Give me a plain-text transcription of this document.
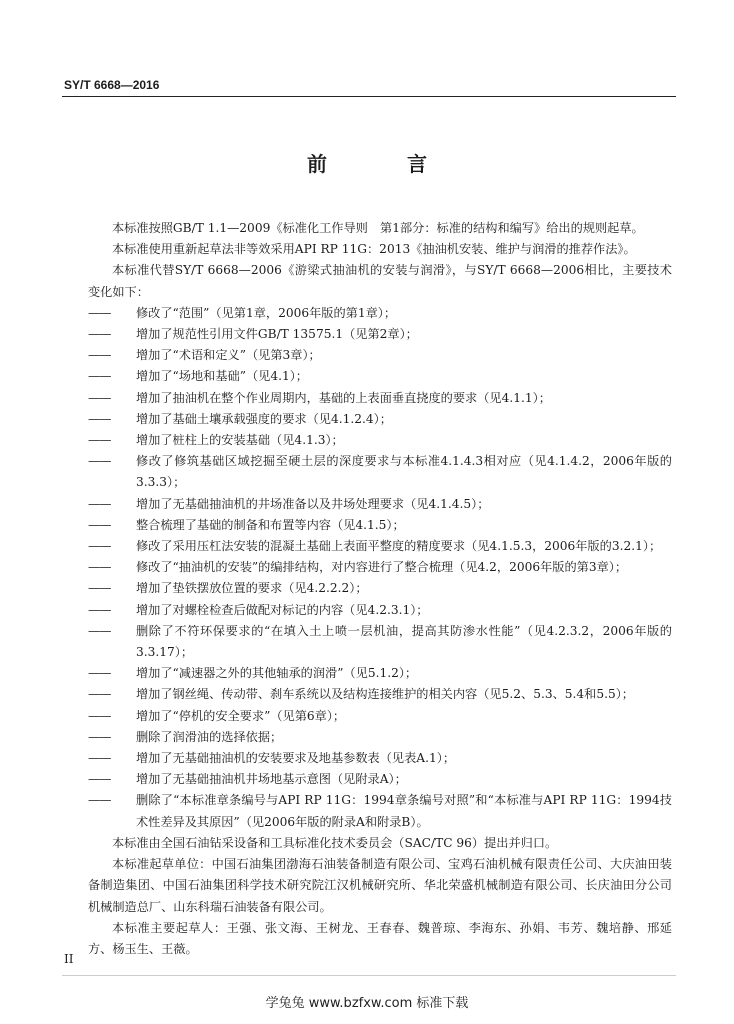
SY/T 6668—2016
前　言

本标准按照GB/T 1.1—2009《标准化工作导则　第1部分：标准的结构和编写》给出的规则起草。

本标准使用重新起草法非等效采用API RP 11G：2013《抽油机安装、维护与润滑的推荐作法》。

本标准代替SY/T 6668—2006《游梁式抽油机的安装与润滑》，与SY/T 6668—2006相比，主要技术变化如下：

——	修改了“范围”（见第1章，2006年版的第1章）；
——	增加了规范性引用文件GB/T 13575.1（见第2章）；
——	增加了“术语和定义”（见第3章）；
——	增加了“场地和基础”（见4.1）；
——	增加了抽油机在整个作业周期内，基础的上表面垂直挠度的要求（见4.1.1）；
——	增加了基础土壤承载强度的要求（见4.1.2.4）；
——	增加了桩柱上的安装基础（见4.1.3）；
——	修改了修筑基础区域挖掘至硬土层的深度要求与本标准4.1.4.3相对应（见4.1.4.2，2006年版的3.3.3）；
——	增加了无基础抽油机的井场准备以及井场处理要求（见4.1.4.5）；
——	整合梳理了基础的制备和布置等内容（见4.1.5）；
——	修改了采用压杠法安装的混凝土基础上表面平整度的精度要求（见4.1.5.3，2006年版的3.2.1）；
——	修改了“抽油机的安装”的编排结构，对内容进行了整合梳理（见4.2，2006年版的第3章）；
——	增加了垫铁摆放位置的要求（见4.2.2.2）；
——	增加了对螺栓检查后做配对标记的内容（见4.2.3.1）；
——	删除了不符环保要求的“在填入土上喷一层机油，提高其防渗水性能”（见4.2.3.2，2006年版的3.3.17）；
——	增加了“减速器之外的其他轴承的润滑”（见5.1.2）；
——	增加了钢丝绳、传动带、刹车系统以及结构连接维护的相关内容（见5.2、5.3、5.4和5.5）；
——	增加了“停机的安全要求”（见第6章）；
——	删除了润滑油的选择依据；
——	增加了无基础抽油机的安装要求及地基参数表（见表A.1）；
——	增加了无基础抽油机井场地基示意图（见附录A）；
——	删除了“本标准章条编号与API RP 11G：1994章条编号对照”和“本标准与API RP 11G：1994技术性差异及其原因”（见2006年版的附录A和附录B）。

本标准由全国石油钻采设备和工具标准化技术委员会（SAC/TC 96）提出并归口。

本标准起草单位：中国石油集团渤海石油装备制造有限公司、宝鸡石油机械有限责任公司、大庆油田装备制造集团、中国石油集团科学技术研究院江汉机械研究所、华北荣盛机械制造有限公司、长庆油田分公司机械制造总厂、山东科瑞石油装备有限公司。

本标准主要起草人：王强、张文海、王树龙、王春春、魏普琼、李海东、孙娟、韦芳、魏培静、邢延方、杨玉生、王薇。

II
学兔兔 www.bzfxw.com 标准下载
